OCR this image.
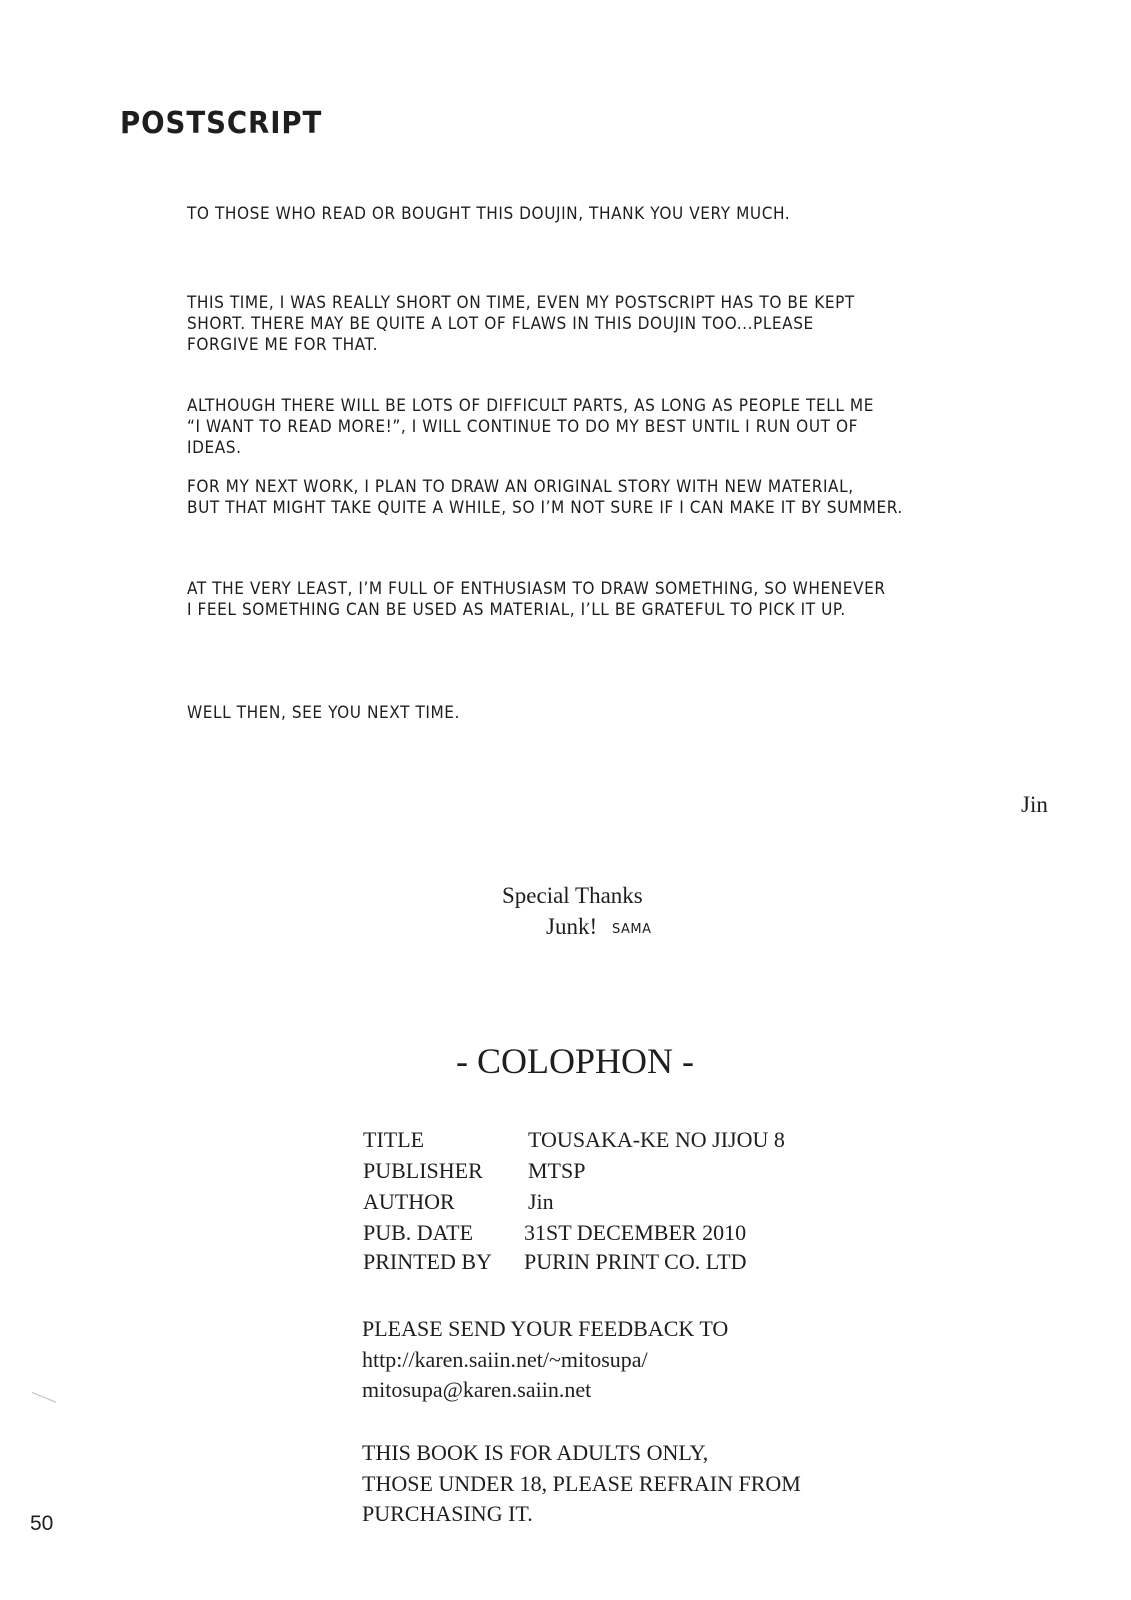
POSTSCRIPT

TO THOSE WHO READ OR BOUGHT THIS DOUJIN, THANK YOU VERY MUCH.

THIS TIME, I WAS REALLY SHORT ON TIME, EVEN MY POSTSCRIPT HAS TO BE KEPT
SHORT. THERE MAY BE QUITE A LOT OF FLAWS IN THIS DOUJIN TOO...PLEASE
FORGIVE ME FOR THAT.

ALTHOUGH THERE WILL BE LOTS OF DIFFICULT PARTS, AS LONG AS PEOPLE TELL ME
“I WANT TO READ MORE!”, I WILL CONTINUE TO DO MY BEST UNTIL I RUN OUT OF
IDEAS.

FOR MY NEXT WORK, I PLAN TO DRAW AN ORIGINAL STORY WITH NEW MATERIAL,
BUT THAT MIGHT TAKE QUITE A WHILE, SO I’M NOT SURE IF I CAN MAKE IT BY SUMMER.

AT THE VERY LEAST, I’M FULL OF ENTHUSIASM TO DRAW SOMETHING, SO WHENEVER
I FEEL SOMETHING CAN BE USED AS MATERIAL, I’LL BE GRATEFUL TO PICK IT UP.

WELL THEN, SEE YOU NEXT TIME.

Jin
Special Thanks
Junk! SAMA
- COLOPHON -
TITLE	TOUSAKA-KE NO JIJOU 8
PUBLISHER MTSP
AUTHOR	Jin
PUB. DATE 31ST DECEMBER 2010
PRINTED BY PURIN PRINT CO. LTD
PLEASE SEND YOUR FEEDBACK TO
http://karen.saiin.net/~mitosupa/
mitosupa@karen.saiin.net
THIS BOOK IS FOR ADULTS ONLY,
THOSE UNDER 18, PLEASE REFRAIN FROM
PURCHASING IT.
50
